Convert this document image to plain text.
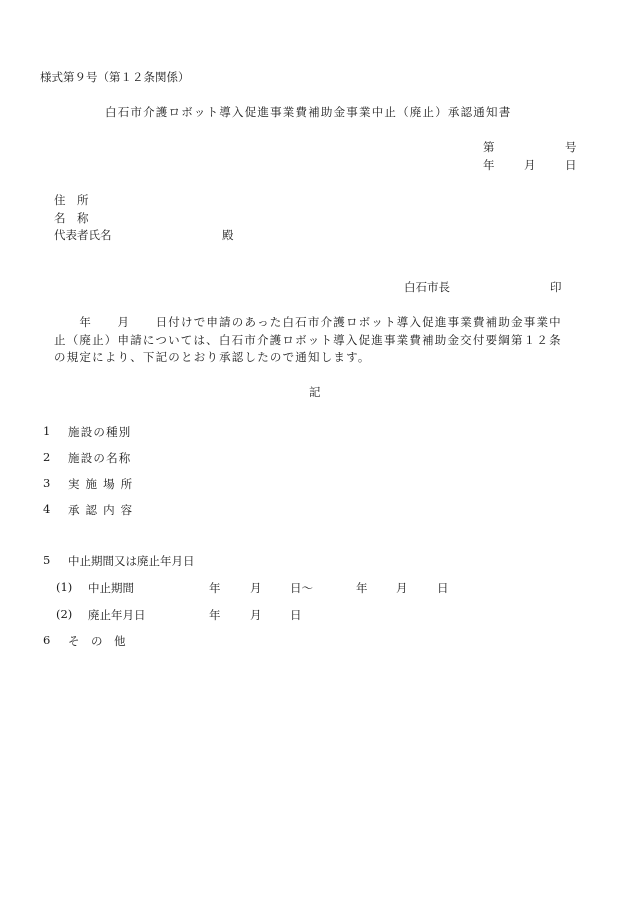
様式第９号（第１２条関係）
白石市介護ロボット導入促進事業費補助金事業中止（廃止）承認通知書
第	号
年	月	日
住　所
名　称
代表者氏名	殿
白石市長	印
　　年　　月　　日付けで申請のあった白石市介護ロボット導入促進事業費補助金事業中
止（廃止）申請については、白石市介護ロボット導入促進事業費補助金交付要綱第１２条
の規定により、下記のとおり承認したので通知します。
記
1 施設の種別
2 施設の名称
3 実 施 場 所
4 承 認 内 容
5 中止期間又は廃止年月日
(1) 中止期間	年	月 日～	年 月	日
(2) 廃止年月日	年	月 日
6 そ　の　他
